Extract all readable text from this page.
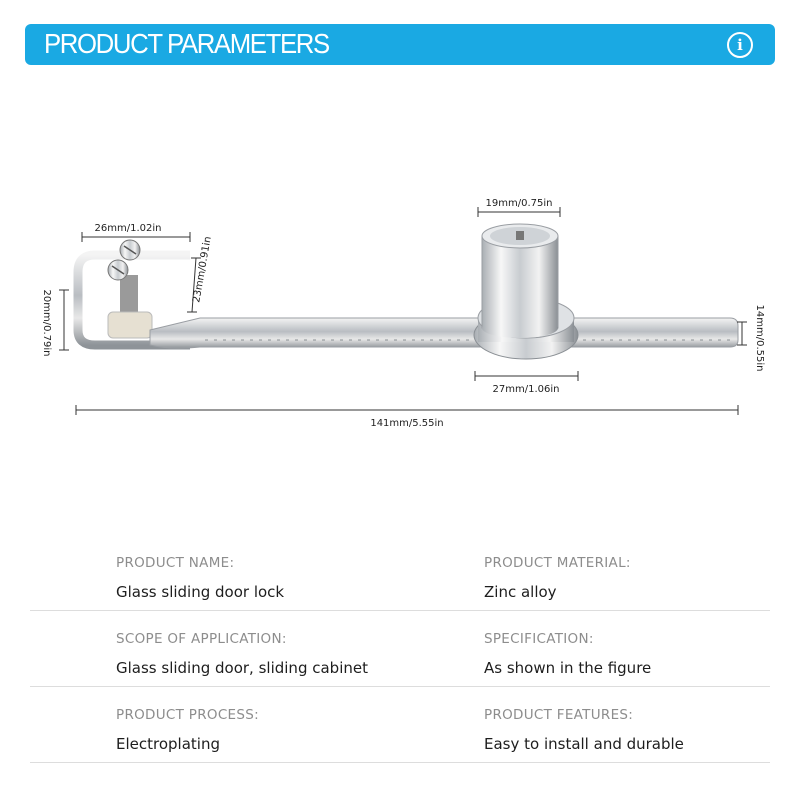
PRODUCT PARAMETERS	i
26mm/1.02in
20mm/0.79in
23mm/0.91in
19mm/0.75in
27mm/1.06in
14mm/0.55in
141mm/5.55in
PRODUCT NAME:
Glass sliding door lock
PRODUCT MATERIAL:
Zinc alloy
SCOPE OF APPLICATION:
Glass sliding door, sliding cabinet
SPECIFICATION:
As shown in the figure
PRODUCT PROCESS:
Electroplating
PRODUCT FEATURES:
Easy to install and durable
